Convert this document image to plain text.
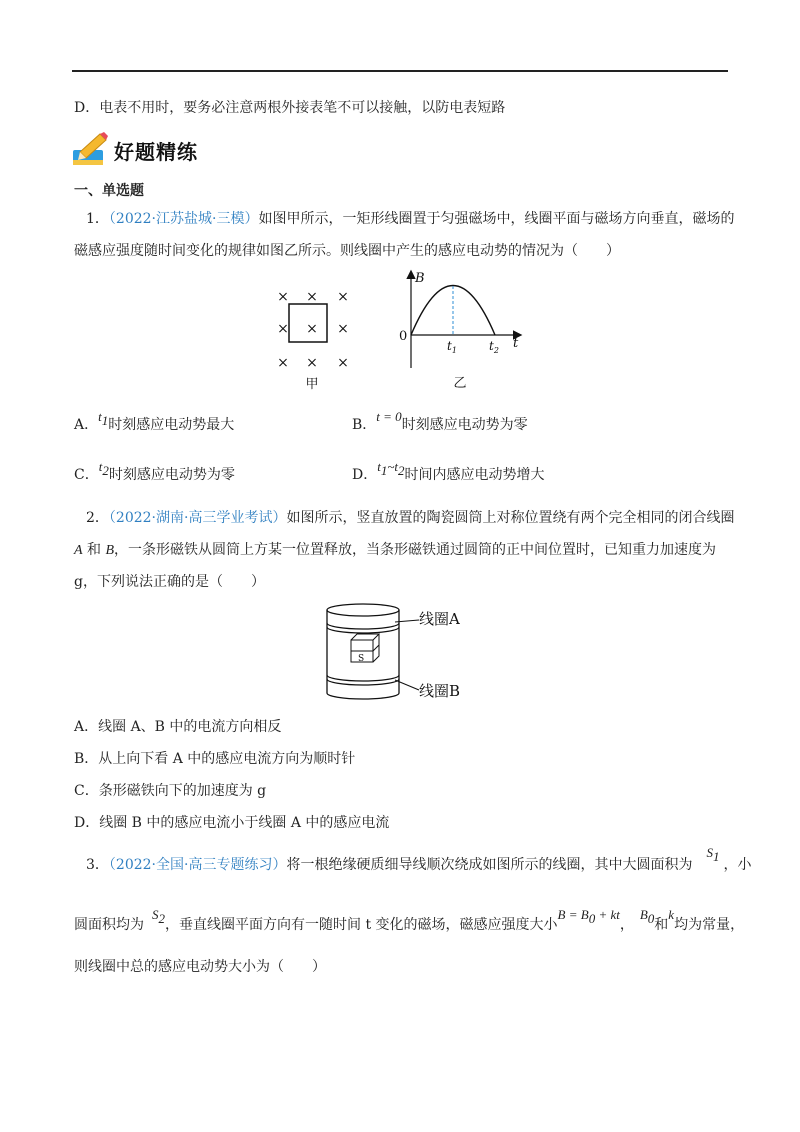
D．电表不用时，要务必注意两根外接表笔不可以接触，以防电表短路
好题精练
一、单选题
1．（2022·江苏盐城·三模）如图甲所示，一矩形线圈置于匀强磁场中，线圈平面与磁场方向垂直，磁场的
磁感应强度随时间变化的规律如图乙所示。则线圈中产生的感应电动势的情况为（　　）
× × ×
× × ×
× × ×
甲
B
0
$t_1$	$t_2$ t
乙
A．$t_1$时刻感应电动势最大	B．t = 0时刻感应电动势为零
C．$t_2$时刻感应电动势为零	D．$t_1\sim t_2$时间内感应电动势增大
2．（2022·湖南·高三学业考试）如图所示，竖直放置的陶瓷圆筒上对称位置绕有两个完全相同的闭合线圈
A 和 B，一条形磁铁从圆筒上方某一位置释放，当条形磁铁通过圆筒的正中间位置时，已知重力加速度为
g，下列说法正确的是（　　）
S
线圈A
线圈B
A．线圈 A、B 中的电流方向相反
B．从上向下看 A 中的感应电流方向为顺时针
C．条形磁铁向下的加速度为 g
D．线圈 B 中的感应电流小于线圈 A 中的感应电流
3．（2022·全国·高三专题练习）将一根绝缘硬质细导线顺次绕成如图所示的线圈，其中大圆面积为$S_1$，小
圆面积均为$S_2$，垂直线圈平面方向有一随时间 t 变化的磁场，磁感应强度大小$B = B_0$ + kt，$B_0$和k均为常量，
则线圈中总的感应电动势大小为（　　）
